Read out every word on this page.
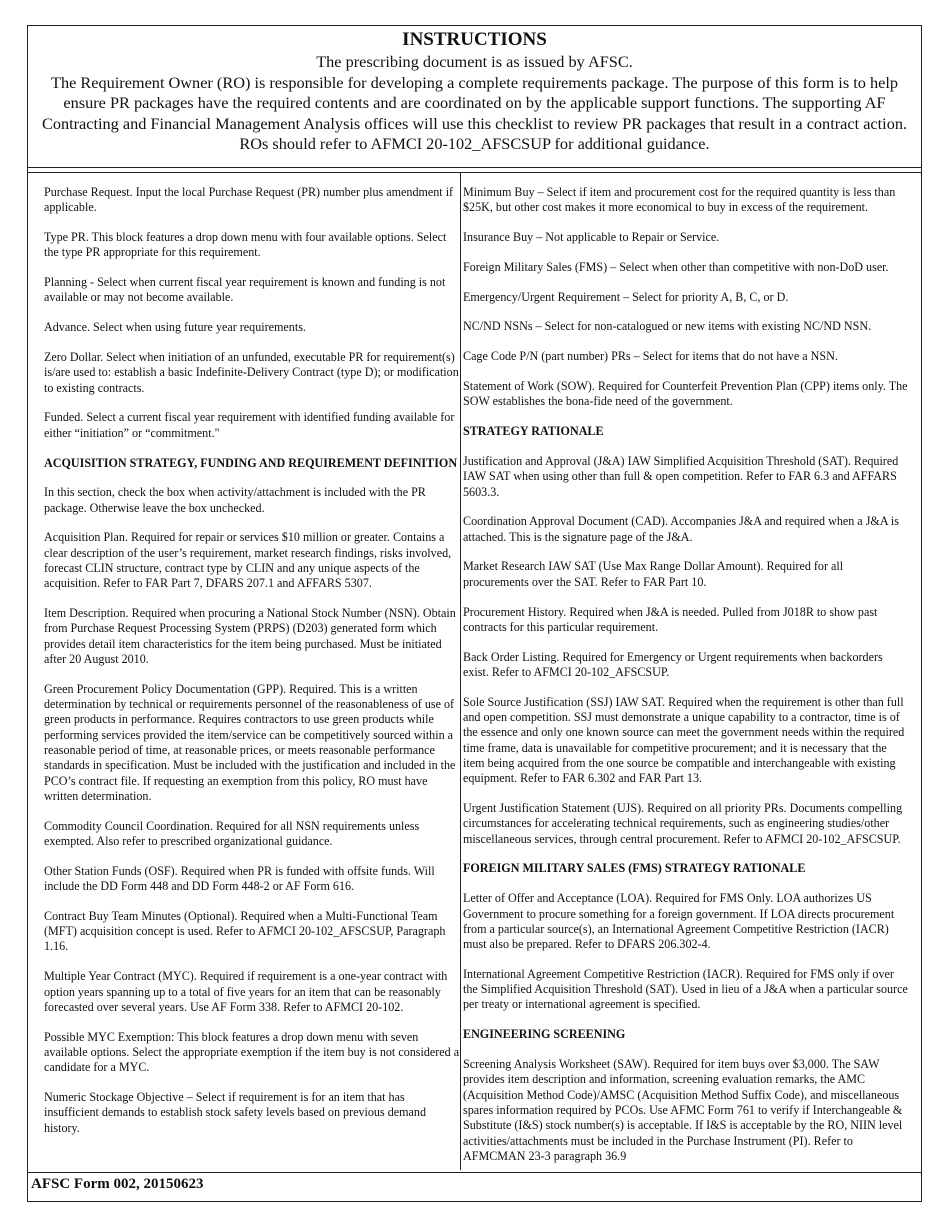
INSTRUCTIONS
The prescribing document is as issued by AFSC.
The Requirement Owner (RO) is responsible for developing a complete requirements package. The purpose of this form is to help ensure PR packages have the required contents and are coordinated on by the applicable support functions. The supporting AF Contracting and Financial Management Analysis offices will use this checklist to review PR packages that result in a contract action. ROs should refer to AFMCI 20-102_AFSCSUP for additional guidance.

Purchase Request. Input the local Purchase Request (PR) number plus amendment if applicable.

Type PR. This block features a drop down menu with four available options. Select the type PR appropriate for this requirement.

Planning - Select when current fiscal year requirement is known and funding is not available or may not become available.

Advance. Select when using future year requirements.

Zero Dollar. Select when initiation of an unfunded, executable PR for requirement(s) is/are used to: establish a basic Indefinite-Delivery Contract (type D); or modification to existing contracts.

Funded. Select a current fiscal year requirement with identified funding available for either “initiation” or “commitment."

ACQUISITION STRATEGY, FUNDING AND REQUIREMENT DEFINITION

In this section, check the box when activity/attachment is included with the PR package. Otherwise leave the box unchecked.

Acquisition Plan. Required for repair or services $10 million or greater. Contains a clear description of the user’s requirement, market research findings, risks involved, forecast CLIN structure, contract type by CLIN and any unique aspects of the acquisition. Refer to FAR Part 7, DFARS 207.1 and AFFARS 5307.

Item Description. Required when procuring a National Stock Number (NSN). Obtain from Purchase Request Processing System (PRPS) (D203) generated form which provides detail item characteristics for the item being purchased. Must be initiated after 20 August 2010.

Green Procurement Policy Documentation (GPP). Required. This is a written determination by technical or requirements personnel of the reasonableness of use of green products in performance. Requires contractors to use green products while performing services provided the item/service can be competitively sourced within a reasonable period of time, at reasonable prices, or meets reasonable performance standards in specification. Must be included with the justification and included in the PCO’s contract file. If requesting an exemption from this policy, RO must have written determination.

Commodity Council Coordination. Required for all NSN requirements unless exempted. Also refer to prescribed organizational guidance.

Other Station Funds (OSF). Required when PR is funded with offsite funds. Will include the DD Form 448 and DD Form 448-2 or AF Form 616.

Contract Buy Team Minutes (Optional). Required when a Multi-Functional Team (MFT) acquisition concept is used. Refer to AFMCI 20-102_AFSCSUP, Paragraph 1.16.

Multiple Year Contract (MYC). Required if requirement is a one-year contract with option years spanning up to a total of five years for an item that can be reasonably forecasted over several years. Use AF Form 338. Refer to AFMCI 20-102.

Possible MYC Exemption: This block features a drop down menu with seven available options. Select the appropriate exemption if the item buy is not considered a candidate for a MYC.

Numeric Stockage Objective – Select if requirement is for an item that has insufficient demands to establish stock safety levels based on previous demand history.

Minimum Buy – Select if item and procurement cost for the required quantity is less than $25K, but other cost makes it more economical to buy in excess of the requirement.

Insurance Buy – Not applicable to Repair or Service.

Foreign Military Sales (FMS) – Select when other than competitive with non-DoD user.

Emergency/Urgent Requirement – Select for priority A, B, C, or D.

NC/ND NSNs – Select for non-catalogued or new items with existing NC/ND NSN.

Cage Code P/N (part number) PRs – Select for items that do not have a NSN.

Statement of Work (SOW). Required for Counterfeit Prevention Plan (CPP) items only. The SOW establishes the bona-fide need of the government.

STRATEGY RATIONALE

Justification and Approval (J&A) IAW Simplified Acquisition Threshold (SAT). Required IAW SAT when using other than full & open competition. Refer to FAR 6.3 and AFFARS 5603.3.

Coordination Approval Document (CAD). Accompanies J&A and required when a J&A is attached. This is the signature page of the J&A.

Market Research IAW SAT (Use Max Range Dollar Amount). Required for all procurements over the SAT. Refer to FAR Part 10.

Procurement History. Required when J&A is needed. Pulled from J018R to show past contracts for this particular requirement.

Back Order Listing. Required for Emergency or Urgent requirements when backorders exist. Refer to AFMCI 20-102_AFSCSUP.

Sole Source Justification (SSJ) IAW SAT. Required when the requirement is other than full and open competition. SSJ must demonstrate a unique capability to a contractor, time is of the essence and only one known source can meet the government needs within the required time frame, data is unavailable for competitive procurement; and it is necessary that the item being acquired from the one source be compatible and interchangeable with existing equipment. Refer to FAR 6.302 and FAR Part 13.

Urgent Justification Statement (UJS). Required on all priority PRs. Documents compelling circumstances for accelerating technical requirements, such as engineering studies/other miscellaneous services, through central procurement. Refer to AFMCI 20-102_AFSCSUP.

FOREIGN MILITARY SALES (FMS) STRATEGY RATIONALE

Letter of Offer and Acceptance (LOA). Required for FMS Only. LOA authorizes US Government to procure something for a foreign government. If LOA directs procurement from a particular source(s), an International Agreement Competitive Restriction (IACR) must also be prepared. Refer to DFARS 206.302-4.

International Agreement Competitive Restriction (IACR). Required for FMS only if over the Simplified Acquisition Threshold (SAT). Used in lieu of a J&A when a particular source per treaty or international agreement is specified.

ENGINEERING SCREENING

Screening Analysis Worksheet (SAW). Required for item buys over $3,000. The SAW provides item description and information, screening evaluation remarks, the AMC (Acquisition Method Code)/AMSC (Acquisition Method Suffix Code), and miscellaneous spares information required by PCOs. Use AFMC Form 761 to verify if Interchangeable & Substitute (I&S) stock number(s) is acceptable. If I&S is acceptable by the RO, NIIN level activities/attachments must be included in the Purchase Instrument (PI). Refer to AFMCMAN 23-3 paragraph 36.9

AFSC Form 002, 20150623
